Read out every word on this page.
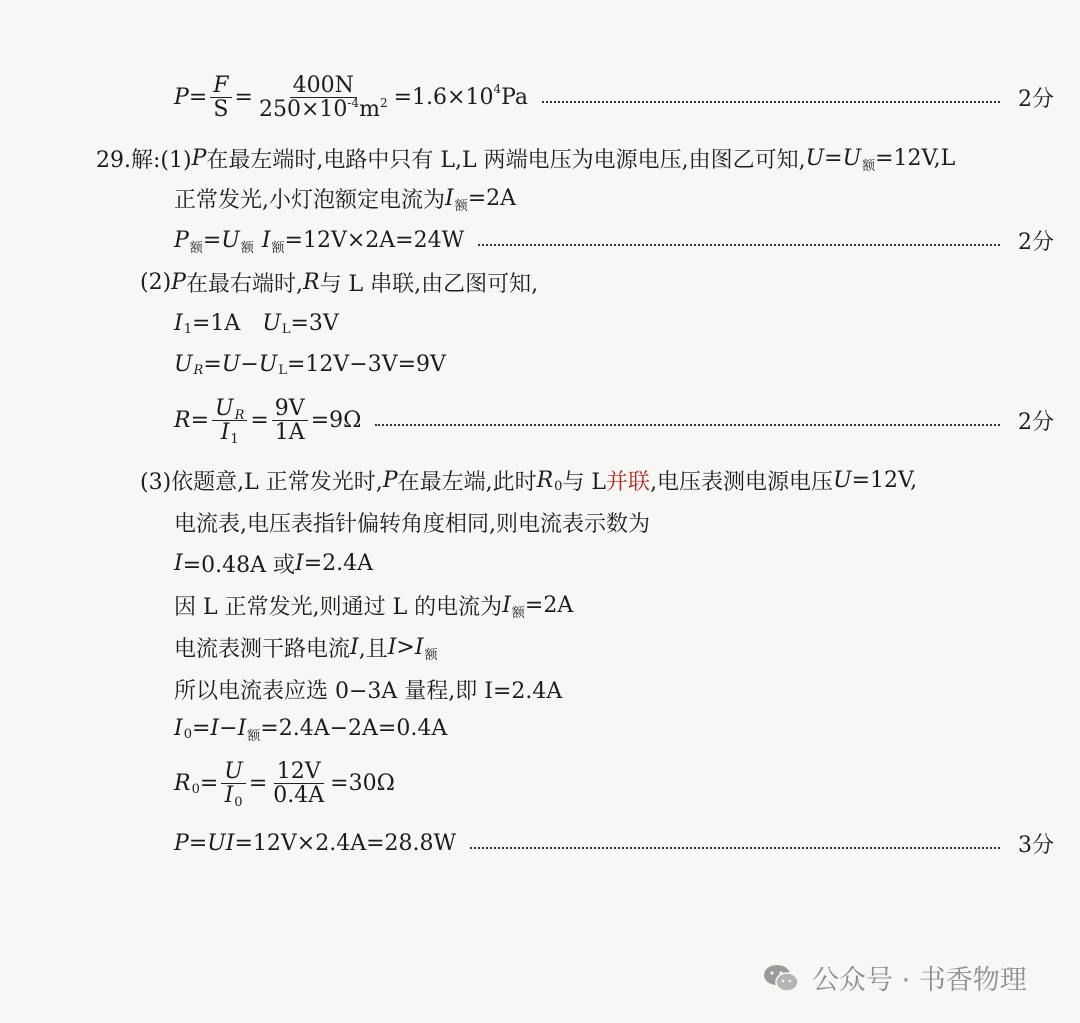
$P = \frac{F}{S} = \frac{400N}{250\times 10^{-4}m^2} =1.6\times 10$ 4 Pa	2分
29.解:(1) P 在最左端时,电路中只有 L,L 两端电压为电源电压,由图乙可知, U = U 额 =12V,L
正常发光,小灯泡额定电流为 I 额 =2A
P 额 = U 额 I 额 =12V×2A=24W	2分
(2) P 在最右端时, R 与 L 串联,由乙图可知,
I 1 =1A U L =3V
U R = U − U L =12V−3V=9V
$R = \frac{UR}{I1} = \frac{9V}{1A} =9\Omega$	2分
(3)依题意,L 正常发光时, P 在最左端,此时 R 0 与 L 并联 ,电压表测电源电压 U =12V,
电流表,电压表指针偏转角度相同,则电流表示数为
I =0.48A 或 I =2.4A
因 L 正常发光,则通过 L 的电流为 I 额 =2A
电流表测干路电流 I ,且 I > I 额
所以电流表应选 0−3A 量程,即 I=2.4A
I 0 = I − I 额 =2.4A−2A=0.4A
R $0 = \frac{U}{I0} = \frac{12V}{0.4A} =30\Omega$
P = UI =12V×2.4A=28.8W	3分
公众号 · 书香物理
